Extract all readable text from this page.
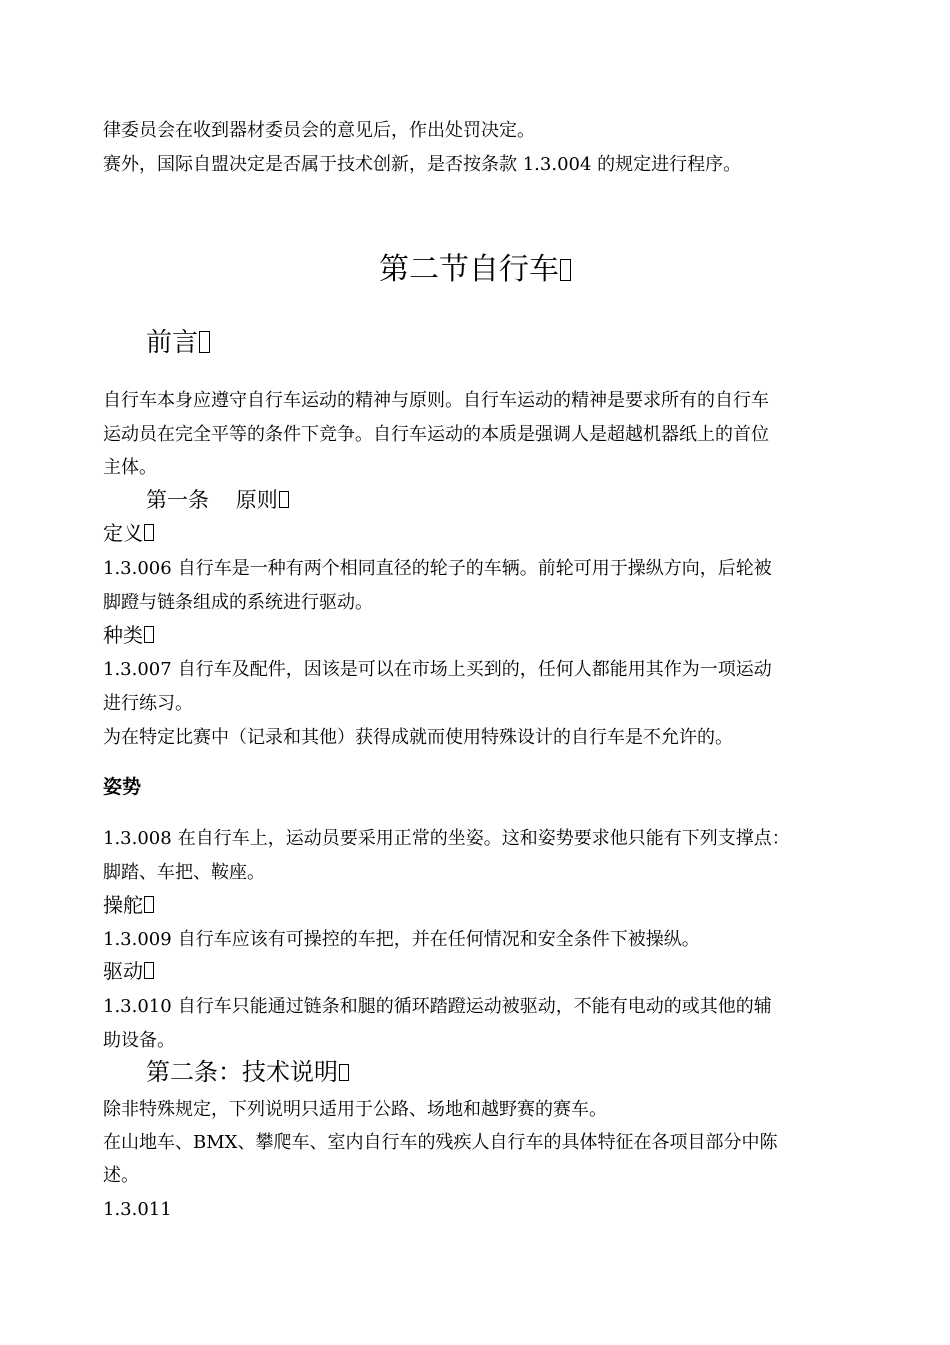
律委员会在收到器材委员会的意见后，作出处罚决定。
赛外，国际自盟决定是否属于技术创新，是否按条款 1.3.004 的规定进行程序。
第二节自行车
前言
自行车本身应遵守自行车运动的精神与原则。自行车运动的精神是要求所有的自行车
运动员在完全平等的条件下竞争。自行车运动的本质是强调人是超越机器纸上的首位
主体。
第一条    原则
定义
1.3.006 自行车是一种有两个相同直径的轮子的车辆。前轮可用于操纵方向，后轮被
脚蹬与链条组成的系统进行驱动。
种类
1.3.007 自行车及配件，因该是可以在市场上买到的，任何人都能用其作为一项运动
进行练习。
为在特定比赛中（记录和其他）获得成就而使用特殊设计的自行车是不允许的。
姿势
1.3.008 在自行车上，运动员要采用正常的坐姿。这和姿势要求他只能有下列支撑点：
脚踏、车把、鞍座。
操舵
1.3.009 自行车应该有可操控的车把，并在任何情况和安全条件下被操纵。
驱动
1.3.010 自行车只能通过链条和腿的循环踏蹬运动被驱动，不能有电动的或其他的辅
助设备。
第二条：技术说明
除非特殊规定，下列说明只适用于公路、场地和越野赛的赛车。
在山地车、BMX、攀爬车、室内自行车的残疾人自行车的具体特征在各项目部分中陈
述。
1.3.011
